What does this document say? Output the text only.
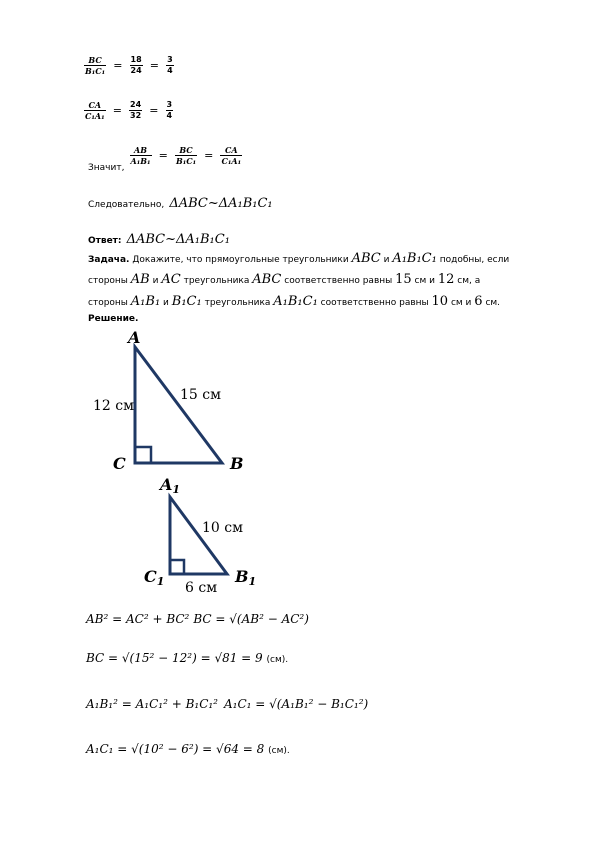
$\frac{BC}{\text{B₁C₁}} = \frac{18}{24} = \frac{3}{4}$
$\frac{CA}{\text{C₁A₁}} = \frac{24}{32} = \frac{3}{4}$
$_{Значит,}$
$\frac{AB}{\text{A₁B₁}} = \frac{BC}{\text{B₁C₁}} = \frac{CA}{\text{C₁A₁}}$
Следовательно, ΔABC~ΔA₁B₁C₁
Ответ: ΔABC~ΔA₁B₁C₁
Задача. Докажите, что прямоугольные треугольники ABC и A₁B₁C₁ подобны, если
стороны AB и AC треугольника ABC соответственно равны 15 см и 12 см, а
стороны A₁B₁ и B₁C₁ треугольника A₁B₁C₁ соответственно равны 10 см и 6 см.
Решение.
A
C	B
15 см
12 см
A1
C1	B1
10 см
6 см
AB² = AC² + BC² BC = √(AB² − AC²)
BC = √(15² − 12²) = √81 = 9 (см).
A₁B₁² = A₁C₁² + B₁C₁² A₁C₁ = √(A₁B₁² − B₁C₁²)
A₁C₁ = √(10² − 6²) = √64 = 8 (см).
